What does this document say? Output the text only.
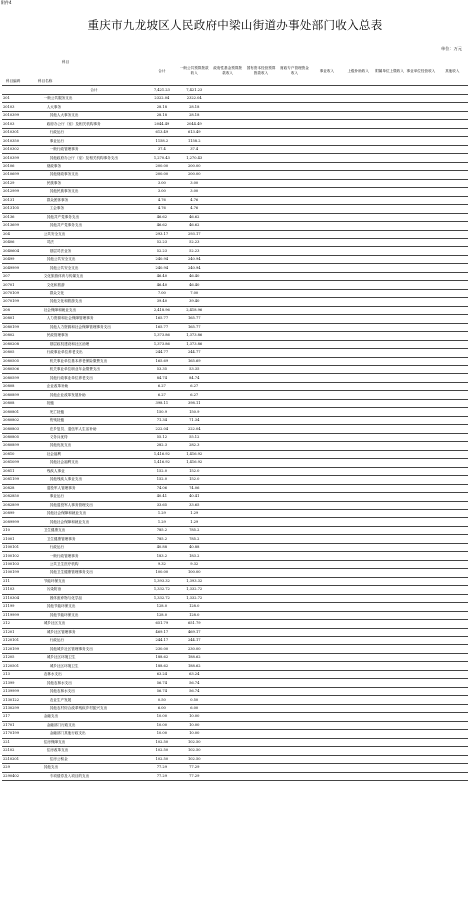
附件4
重庆市九龙坡区人民政府中梁山街道办事处部门收入总表
单位：万元
科目
科目编码 科目名称		合计	一般公共预算拨款收入	政府性基金预算拨款收入	国有资本经营预算拨款收入	财政专户管理资金收入	事业收入	上级补助收入	附属单位上缴收入	事业单位经营收入	其他收入
	合计	7,421.23	7,421.23								
201	一般公共服务支出	2322.04	2322.04								
20103	人大事务	28.18	28.18								
2010399	其他人大事务支出	28.18	28.18								
20103	政府办公厅（室）及相关机构事务	2044.49	2044.49								
2010301	行政运行	613.49	613.49								
2010350	事业运行	1158.2	1158.2								
2010302	一般行政管理事务	37.4	37.4								
2010399	其他政府办公厅（室）及相关机构事务支出	1,270.43	1,270.43								
20106	财政事务	200.00	200.00								
2010699	其他财政事务支出	200.00	200.00								
20129	民族事务	3.00	3.00								
2012999	其他民族事务支出	3.00	3.00								
20131	群众团体事务	4.76	4.76								
2013105	工会事务	4.76	4.76								
20136	其他共产党事务支出	46.62	46.62								
2013699	其他共产党事务支出	46.62	46.62								
204	公共安全支出	293.17	293.17								
20406	司法	52.23	52.23								
2040604	基层司法业务	52.23	52.23								
20499	其他公共安全支出	240.94	240.94								
2049999	其他公共安全支出	240.94	240.94								
207	文化旅游体育与传媒支出	46.40	46.40								
20701	文化和旅游	46.40	46.40								
2070109	群众文化	7.00	7.00								
2070199	其他文化和旅游支出	39.40	39.40								
208	社会保障和就业支出	2,418.96	2,418.96								
20801	人力资源和社会保障管理事务	165.77	165.77								
2080199	其他人力资源和社会保障管理事务支出	165.77	165.77								
20802	民政管理事务	1,373.86	1,373.86								
2080208	基层政权建设和社区治理	1,373.86	1,373.86								
20805	行政事业单位养老支出	244.77	244.77								
2080505	机关事业单位基本养老保险缴费支出	165.69	165.69								
2080506	机关事业单位职业年金缴费支出	53.35	53.35								
2080599	其他行政事业单位养老支出	84.74	84.74								
20808	企业改革补助	6.27	6.27								
2080899	其他企业改革发展补助	6.27	6.27								
20808	抚恤	398.11	398.11								
2080801	死亡抚恤	150.9	150.9								
2080802	伤残抚恤	71.34	71.34								
2080803	在乡复员、退伍军人生活补助	222.04	222.04								
2080805	义务兵优待	55.12	55.12								
2080899	其他优抚支出	282.3	282.3								
20810	社会福利	1,416.92	1,416.92								
2081099	其他社会福利支出	1,416.92	1,416.92								
20811	残疾人事业	152.0	152.0								
2081199	其他残疾人事业支出	152.0	152.0								
20828	退役军人管理事务	74.06	74.06								
2082850	事业运行	40.41	40.41								
2082899	其他退役军人事务管理支出	33.65	33.65								
20899	其他社会保障和就业支出	1.29	1.29								
2089999	其他社会保障和就业支出	1.29	1.29								
210	卫生健康支出	785.2	785.2								
21001	卫生健康管理事务	785.2	785.2								
2100101	行政运行	40.88	40.88								
2100102	一般行政管理事务	183.2	183.2								
2100103	公共卫生医疗机构	9.32	9.32								
2100199	其他卫生健康管理事务支出	100.00	100.00								
211	节能环保支出	1,393.32	1,393.32								
21103	污染防治	1,332.72	1,332.72								
2110304	固体废弃物与化学品	1,332.72	1,332.72								
21199	其他节能环保支出	128.0	128.0								
2119999	其他节能环保支出	128.0	128.0								
212	城乡社区支出	651.79	651.79								
21201	城乡社区管理事务	469.17	469.17								
2120101	行政运行	244.17	244.17								
2120199	其他城乡社区管理事务支出	230.00	230.00								
21205	城乡社区环境卫生	188.62	188.62								
2120501	城乡社区环境卫生	188.62	188.62								
213	农林水支出	63.24	63.24								
21399	其他农林水支出	56.74	56.74								
2139999	其他农林水支出	56.74	56.74								
2130122	农业生产发展	0.50	0.50								
2130299	其他农村综合改革残疾乡村振兴支出	6.00	6.00								
217	金融支出	10.00	10.00								
21701	金融部门行政支出	10.00	10.00								
2170199	金融部门其他行政支出	10.00	10.00								
221	住房保障支出	102.50	102.50								
22102	住房改革支出	102.50	102.50								
2210201	住房公积金	102.50	102.50								
229	其他支出	77.29	77.29								
2290402	专项债券及入项目的支出	77.29	77.29								
